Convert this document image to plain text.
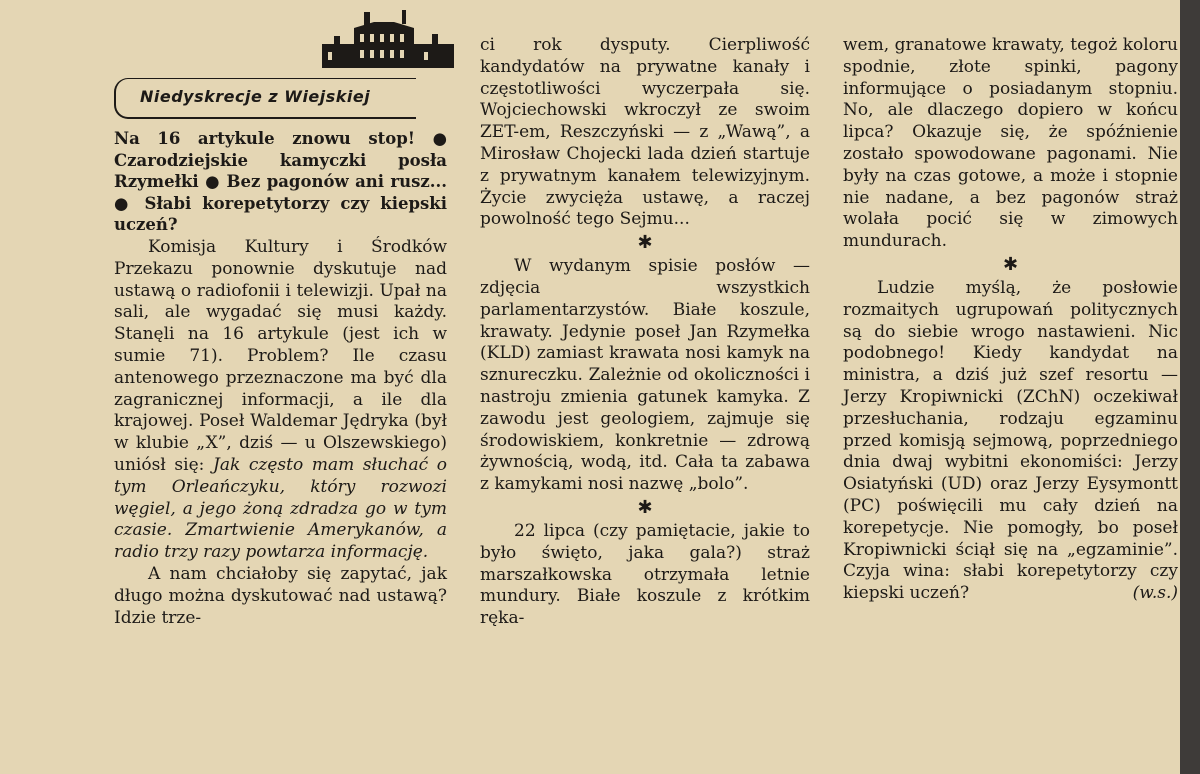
Niedyskrecje z Wiejskiej
Na 16 artykule znowu stop! ● Czarodziejskie kamyczki posła Rzymełki ● Bez pagonów ani rusz... ● Słabi korepetytorzy czy kiepski uczeń?

Komisja Kultury i Środków Przekazu ponownie dyskutuje nad ustawą o radiofonii i telewizji. Upał na sali, ale wygadać się musi każdy. Stanęli na 16 artykule (jest ich w sumie 71). Problem? Ile czasu antenowego przeznaczone ma być dla zagranicznej informacji, a ile dla krajowej. Poseł Waldemar Jędryka (był w klubie „X”, dziś — u Olszewskiego) uniósł się: Jak często mam słuchać o tym Orleańczyku, który rozwozi węgiel, a jego żoną zdradza go w tym czasie. Zmartwienie Amerykanów, a radio trzy razy powtarza informację.

A nam chciałoby się zapytać, jak długo można dyskutować nad ustawą? Idzie trze-

ci rok dysputy. Cierpliwość kandydatów na prywatne kanały i częstotliwości wyczerpała się. Wojciechowski wkroczył ze swoim ZET-em, Reszczyński — z „Wawą”, a Mirosław Chojecki lada dzień startuje z prywatnym kanałem telewizyjnym. Życie zwycięża ustawę, a raczej powolność tego Sejmu...

✱

W wydanym spisie posłów — zdjęcia wszystkich parlamentarzystów. Białe koszule, krawaty. Jedynie poseł Jan Rzymełka (KLD) zamiast krawata nosi kamyk na sznureczku. Zależnie od okoliczności i nastroju zmienia gatunek kamyka. Z zawodu jest geologiem, zajmuje się środowiskiem, konkretnie — zdrową żywnością, wodą, itd. Cała ta zabawa z kamykami nosi nazwę „bolo”.

✱

22 lipca (czy pamiętacie, jakie to było święto, jaka gala?) straż marszałkowska otrzymała letnie mundury. Białe koszule z krótkim ręka-

wem, granatowe krawaty, tegoż koloru spodnie, złote spinki, pagony informujące o posiadanym stopniu. No, ale dlaczego dopiero w końcu lipca? Okazuje się, że spóźnienie zostało spowodowane pagonami. Nie były na czas gotowe, a może i stopnie nie nadane, a bez pagonów straż wolała pocić się w zimowych mundurach.

✱

Ludzie myślą, że posłowie rozmaitych ugrupowań politycznych są do siebie wrogo nastawieni. Nic podobnego! Kiedy kandydat na ministra, a dziś już szef resortu — Jerzy Kropiwnicki (ZChN) oczekiwał przesłuchania, rodzaju egzaminu przed komisją sejmową, poprzedniego dnia dwaj wybitni ekonomiści: Jerzy Osiatyński (UD) oraz Jerzy Eysymontt (PC) poświęcili mu cały dzień na korepetycje. Nie pomogły, bo poseł Kropiwnicki ściął się na „egzaminie”. Czyja wina: słabi korepetytorzy czy kiepski uczeń?	(w.s.)
